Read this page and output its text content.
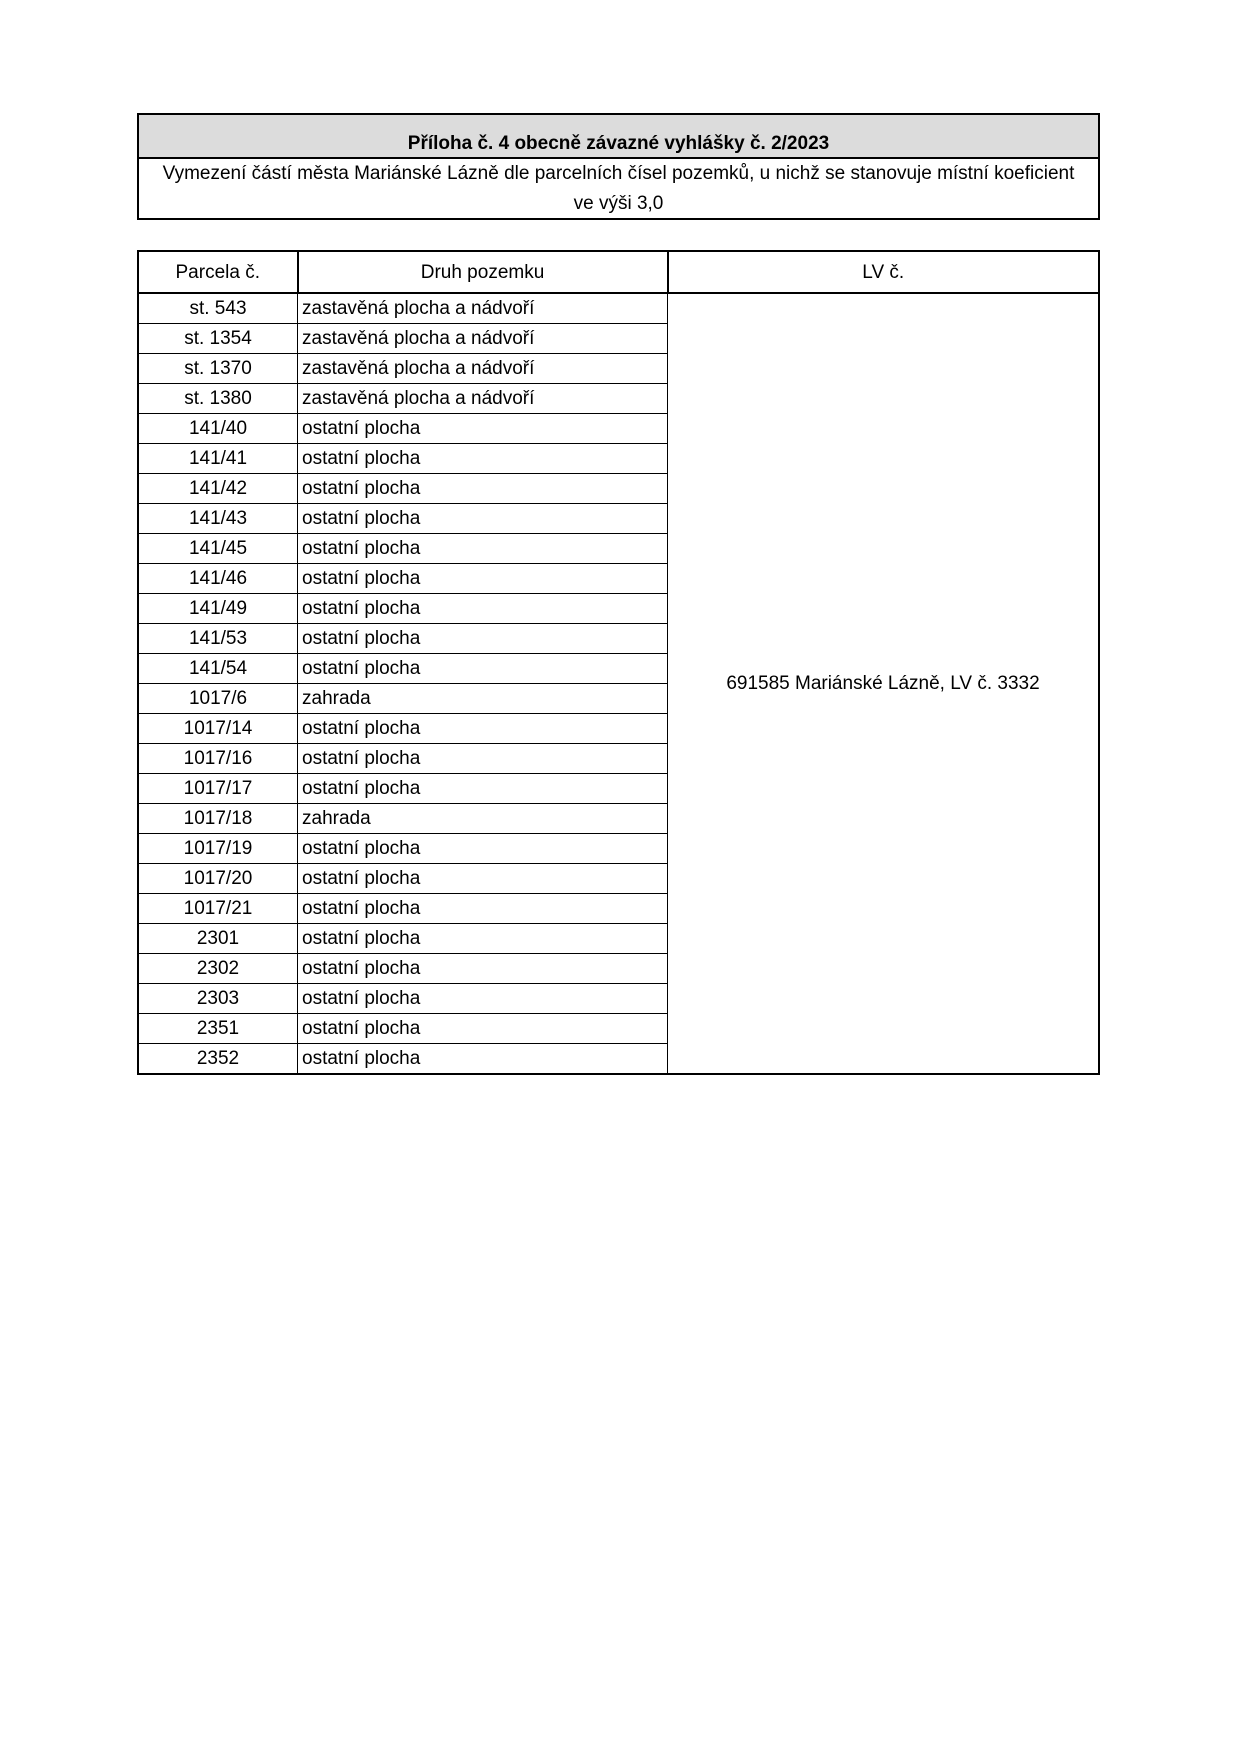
Příloha č. 4 obecně závazné vyhlášky č. 2/2023
Vymezení částí města Mariánské Lázně dle parcelních čísel pozemků, u nichž se stanovuje místní koeficient ve výši 3,0
Parcela č.	Druh pozemku	LV č.
st. 543	zastavěná plocha a nádvoří	691585 Mariánské Lázně, LV č. 3332
st. 1354	zastavěná plocha a nádvoří	
st. 1370	zastavěná plocha a nádvoří	
st. 1380	zastavěná plocha a nádvoří	
141/40	ostatní plocha	
141/41	ostatní plocha	
141/42	ostatní plocha	
141/43	ostatní plocha	
141/45	ostatní plocha	
141/46	ostatní plocha	
141/49	ostatní plocha	
141/53	ostatní plocha	
141/54	ostatní plocha	
1017/6	zahrada	
1017/14	ostatní plocha	
1017/16	ostatní plocha	
1017/17	ostatní plocha	
1017/18	zahrada	
1017/19	ostatní plocha	
1017/20	ostatní plocha	
1017/21	ostatní plocha	
2301	ostatní plocha	
2302	ostatní plocha	
2303	ostatní plocha	
2351	ostatní plocha	
2352	ostatní plocha	
